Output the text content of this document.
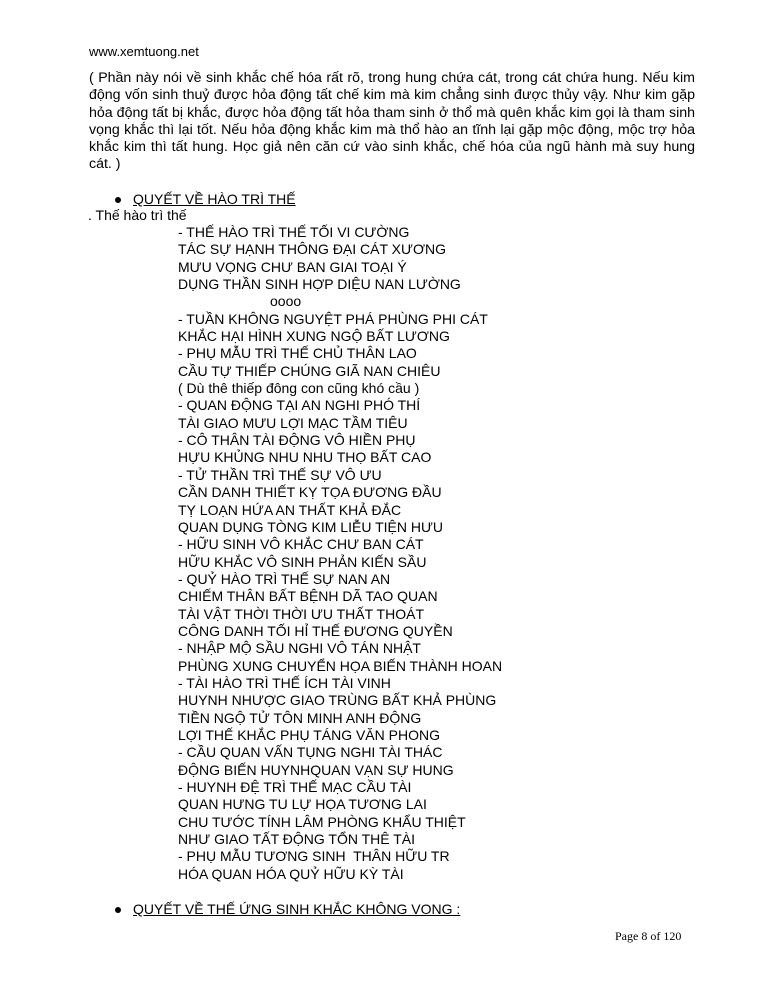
www.xemtuong.net
( Phần này nói về sinh khắc chế hóa rất rõ, trong hung chứa cát, trong cát chứa hung. Nếu kim động vốn sinh thuỷ được hỏa động tất chế kim mà kim chẳng sinh được thủy vậy. Như kim gặp hỏa động tất bị khắc, được hỏa động tất hỏa tham sinh ở thổ mà quên khắc kim gọi là tham sinh vọng khắc thì lại tốt. Nếu hỏa động khắc kim mà thổ hào an tĩnh lại gặp mộc động, mộc trợ hỏa khắc kim thì tất hung. Học giả nên căn cứ vào sinh khắc, chế hóa của ngũ hành mà suy hung cát. )
QUYẾT VỀ HÀO TRÌ THẾ
. Thế hào trì thế
- THẾ HÀO TRÌ THẾ TỐI VI CƯỜNG
TÁC SỰ HẠNH THÔNG ĐẠI CÁT XƯƠNG
MƯU VỌNG CHƯ BAN GIAI TOẠI Ý
DỤNG THẦN SINH HỢP DIỆU NAN LƯỜNG
oooo
- TUẦN KHÔNG NGUYỆT PHÁ PHÙNG PHI CÁT
KHẮC HẠI HÌNH XUNG NGỘ BẤT LƯƠNG
- PHỤ MẪU TRÌ THẾ CHỦ THÂN LAO
CẦU TỰ THIẾP CHÚNG GIÃ NAN CHIÊU
( Dù thê thiếp đông con cũng khó cầu )
- QUAN ĐỘNG TẠI AN NGHI PHÓ THÍ
TÀI GIAO MƯU LỢI MẠC TẦM TIÊU
- CÔ THÂN TÀI ĐỘNG VÔ HIỀN PHỤ
HỰU KHỦNG NHU NHU THỌ BẤT CAO
- TỬ THẦN TRÌ THẾ SỰ VÔ ƯU
CẦN DANH THIẾT KỴ TỌA ĐƯƠNG ĐẦU
TỴ LOẠN HỨA AN THẤT KHẢ ĐẮC
QUAN DỤNG TÒNG KIM LIỄU TIỆN HƯU
- HỮU SINH VÔ KHẮC CHƯ BAN CÁT
HỮU KHẮC VÔ SINH PHẢN KIẾN SẦU
- QUỶ HÀO TRÌ THẾ SỰ NAN AN
CHIẾM THÂN BẤT BỆNH DÃ TAO QUAN
TÀI VẬT THỜI THỜI ƯU THẤT THOÁT
CÔNG DANH TỐI HỈ THẾ ĐƯƠNG QUYỀN
- NHẬP MỘ SẦU NGHI VÔ TÁN NHẬT
PHÙNG XUNG CHUYỂN HỌA BIẾN THÀNH HOAN
- TÀI HÀO TRÌ THẾ ÍCH TÀI VINH
HUYNH NHƯỢC GIAO TRÙNG BẤT KHẢ PHÙNG
TIỀN NGỘ TỬ TÔN MINH ANH ĐỘNG
LỢI THẾ KHẮC PHỤ TÁNG VĂN PHONG
- CẦU QUAN VẤN TỤNG NGHI TÀI THÁC
ĐỘNG BIẾN HUYNHQUAN VẠN SỰ HUNG
- HUYNH ĐỆ TRÌ THẾ MẠC CẦU TÀI
QUAN HƯNG TU LỰ HỌA TƯƠNG LAI
CHU TƯỚC TÍNH LÂM PHÒNG KHẨU THIỆT
NHƯ GIAO TẤT ĐỘNG TỔN THÊ TÀI
- PHỤ MẪU TƯƠNG SINH  THÂN HỮU TR
HÓA QUAN HÓA QUỶ HỮU KỲ TÀI
QUYẾT VỀ THẾ ỨNG SINH KHẮC KHÔNG VONG :
Page 8 of 120
